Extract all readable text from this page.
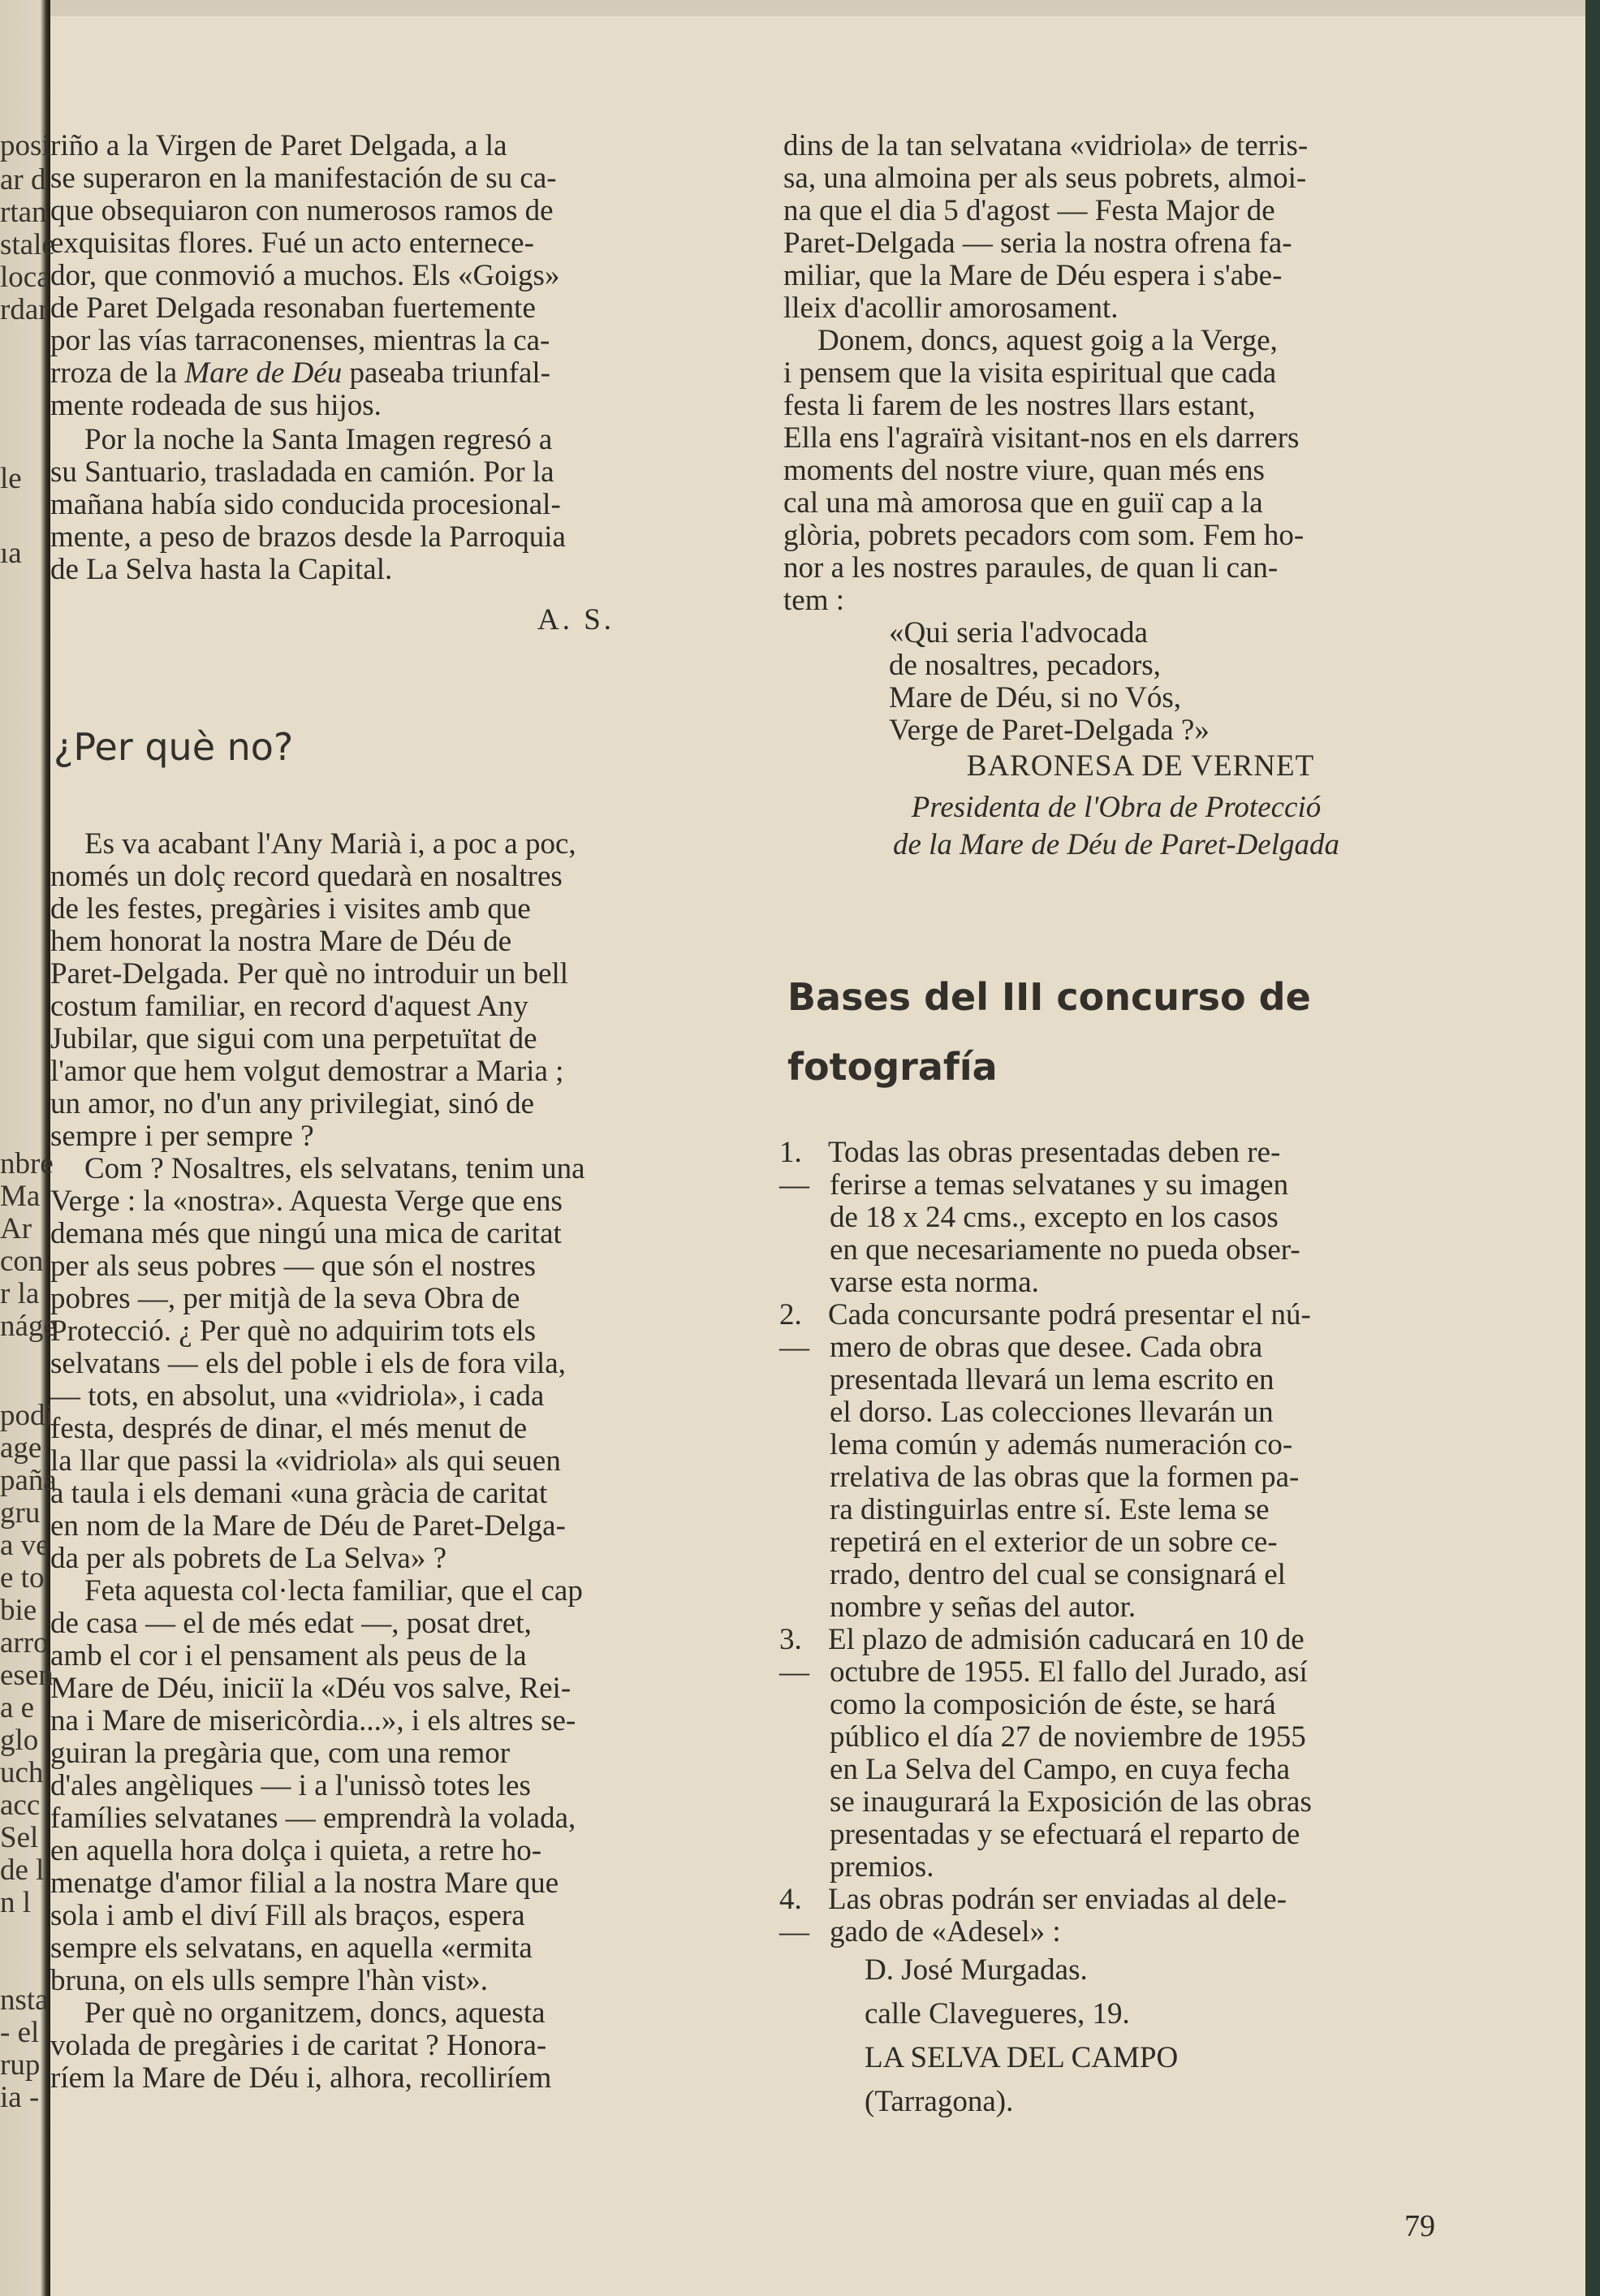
posi
ar d
rtan
stale
loca
rdar
le
ıa
nbre
Ma
Ar
con
r la
náge
podi
age
paña
gru
a ve
e to
bie
arro
esen
a e
glo
uch
acc
Sel
de l
n l
nsta
- el
rup
ia -
riño a la Virgen de Paret Delgada, a la
se superaron en la manifestación de su ca-
que obsequiaron con numerosos ramos de
exquisitas flores. Fué un acto enternece-
dor, que conmovió a muchos. Els «Goigs»
de Paret Delgada resonaban fuertemente
por las vías tarraconenses, mientras la ca-
rroza de la Mare de Déu paseaba triunfal-
mente rodeada de sus hijos.
Por la noche la Santa Imagen regresó a
su Santuario, trasladada en camión. Por la
mañana había sido conducida procesional-
mente, a peso de brazos desde la Parroquia
de La Selva hasta la Capital.
A. S.
¿Per què no?
Es va acabant l'Any Marià i, a poc a poc,
només un dolç record quedarà en nosaltres
de les festes, pregàries i visites amb que
hem honorat la nostra Mare de Déu de
Paret-Delgada. Per què no introduir un bell
costum familiar, en record d'aquest Any
Jubilar, que sigui com una perpetuïtat de
l'amor que hem volgut demostrar a Maria ;
un amor, no d'un any privilegiat, sinó de
sempre i per sempre ?
Com ? Nosaltres, els selvatans, tenim una
Verge : la «nostra». Aquesta Verge que ens
demana més que ningú una mica de caritat
per als seus pobres — que són el nostres
pobres —, per mitjà de la seva Obra de
Protecció. ¿ Per què no adquirim tots els
selvatans — els del poble i els de fora vila,
— tots, en absolut, una «vidriola», i cada
festa, després de dinar, el més menut de
la llar que passi la «vidriola» als qui seuen
a taula i els demani «una gràcia de caritat
en nom de la Mare de Déu de Paret-Delga-
da per als pobrets de La Selva» ?
Feta aquesta col·lecta familiar, que el cap
de casa — el de més edat —, posat dret,
amb el cor i el pensament als peus de la
Mare de Déu, iniciï la «Déu vos salve, Rei-
na i Mare de misericòrdia...», i els altres se-
guiran la pregària que, com una remor
d'ales angèliques — i a l'unissò totes les
famílies selvatanes — emprendrà la volada,
en aquella hora dolça i quieta, a retre ho-
menatge d'amor filial a la nostra Mare que
sola i amb el diví Fill als braços, espera
sempre els selvatans, en aquella «ermita
bruna, on els ulls sempre l'hàn vist».
Per què no organitzem, doncs, aquesta
volada de pregàries i de caritat ? Honora-
ríem la Mare de Déu i, alhora, recolliríem
dins de la tan selvatana «vidriola» de terris-
sa, una almoina per als seus pobrets, almoi-
na que el dia 5 d'agost — Festa Major de
Paret-Delgada — seria la nostra ofrena fa-
miliar, que la Mare de Déu espera i s'abe-
lleix d'acollir amorosament.
Donem, doncs, aquest goig a la Verge,
i pensem que la visita espiritual que cada
festa li farem de les nostres llars estant,
Ella ens l'agraïrà visitant-nos en els darrers
moments del nostre viure, quan més ens
cal una mà amorosa que en guiï cap a la
glòria, pobrets pecadors com som. Fem ho-
nor a les nostres paraules, de quan li can-
tem :
«Qui seria l'advocada
de nosaltres, pecadors,
Mare de Déu, si no Vós,
Verge de Paret-Delgada ?»
BARONESA DE VERNET
Presidenta de l'Obra de Protecció
de la Mare de Déu de Paret-Delgada
Bases del III concurso de
fotografía
1.—
Todas las obras presentadas deben re-
ferirse a temas selvatanes y su imagen
de 18 x 24 cms., excepto en los casos
en que necesariamente no pueda obser-
varse esta norma.
2.—
Cada concursante podrá presentar el nú-
mero de obras que desee. Cada obra
presentada llevará un lema escrito en
el dorso. Las colecciones llevarán un
lema común y además numeración co-
rrelativa de las obras que la formen pa-
ra distinguirlas entre sí. Este lema se
repetirá en el exterior de un sobre ce-
rrado, dentro del cual se consignará el
nombre y señas del autor.
3.—
El plazo de admisión caducará en 10 de
octubre de 1955. El fallo del Jurado, así
como la composición de éste, se hará
público el día 27 de noviembre de 1955
en La Selva del Campo, en cuya fecha
se inaugurará la Exposición de las obras
presentadas y se efectuará el reparto de
premios.
4.—
Las obras podrán ser enviadas al dele-
gado de «Adesel» :
D. José Murgadas.
calle Clavegueres, 19.
LA SELVA DEL CAMPO
(Tarragona).
79
